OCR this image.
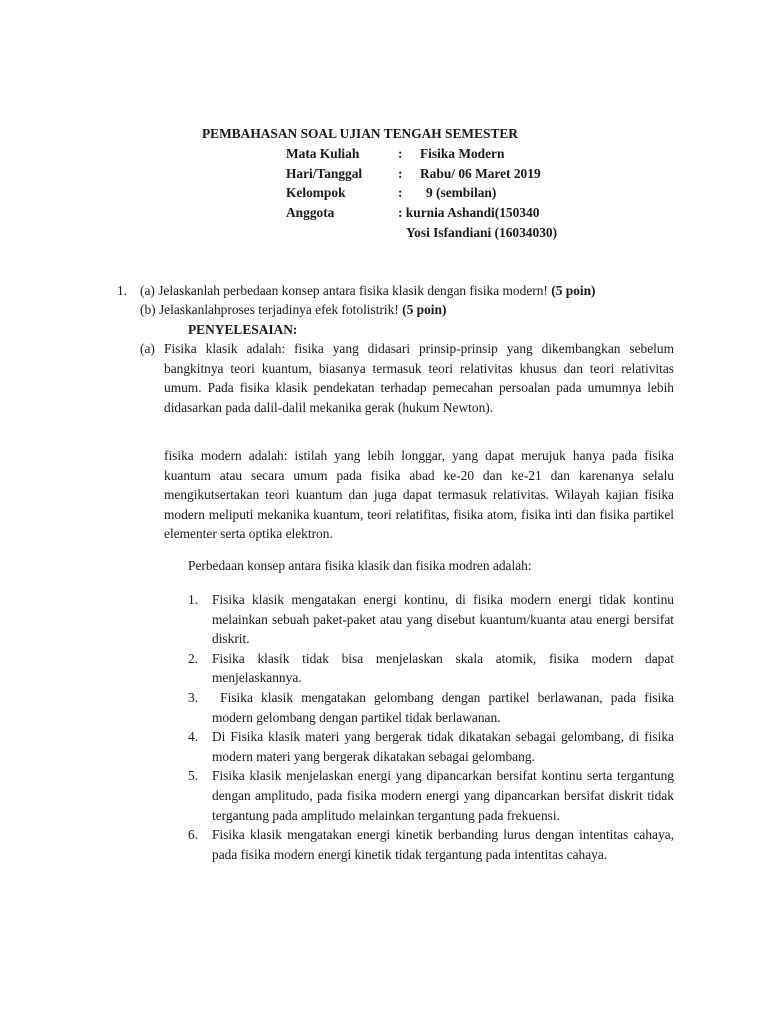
PEMBAHASAN SOAL UJIAN TENGAH SEMESTER
Mata Kuliah	: Fisika Modern
Hari/Tanggal	: Rabu/ 06 Maret 2019
Kelompok	: 9 (sembilan)
Anggota	: kurnia Ashandi(150340
Yosi Isfandiani (16034030)
1. (a) Jelaskanlah perbedaan konsep antara fisika klasik dengan fisika modern! (5 poin)
(b) Jelaskanlahproses terjadinya efek fotolistrik! (5 poin)
PENYELESAIAN:
(a) Fisika klasik adalah: fisika yang didasari prinsip-prinsip yang dikembangkan sebelum bangkitnya teori kuantum, biasanya termasuk teori relativitas khusus dan teori relativitas umum. Pada fisika klasik pendekatan terhadap pemecahan persoalan pada umumnya lebih didasarkan pada dalil-dalil mekanika gerak (hukum Newton).
fisika modern adalah: istilah yang lebih longgar, yang dapat merujuk hanya pada fisika kuantum atau secara umum pada fisika abad ke-20 dan ke-21 dan karenanya selalu mengikutsertakan teori kuantum dan juga dapat termasuk relativitas. Wilayah kajian fisika modern meliputi mekanika kuantum, teori relatifitas, fisika atom, fisika inti dan fisika partikel elementer serta optika elektron.
Perbedaan konsep antara fisika klasik dan fisika modren adalah:
1. Fisika klasik mengatakan energi kontinu, di fisika modern energi tidak kontinu melainkan sebuah paket-paket atau yang disebut kuantum/kuanta atau energi bersifat diskrit.
2. Fisika klasik tidak bisa menjelaskan skala atomik, fisika modern dapat menjelaskannya.
3. Fisika klasik mengatakan gelombang dengan partikel berlawanan, pada fisika modern gelombang dengan partikel tidak berlawanan.
4. Di Fisika klasik materi yang bergerak tidak dikatakan sebagai gelombang, di fisika modern materi yang bergerak dikatakan sebagai gelombang.
5. Fisika klasik menjelaskan energi yang dipancarkan bersifat kontinu serta tergantung dengan amplitudo, pada fisika modern energi yang dipancarkan bersifat diskrit tidak tergantung pada amplitudo melainkan tergantung pada frekuensi.
6. Fisika klasik mengatakan energi kinetik berbanding lurus dengan intentitas cahaya, pada fisika modern energi kinetik tidak tergantung pada intentitas cahaya.
